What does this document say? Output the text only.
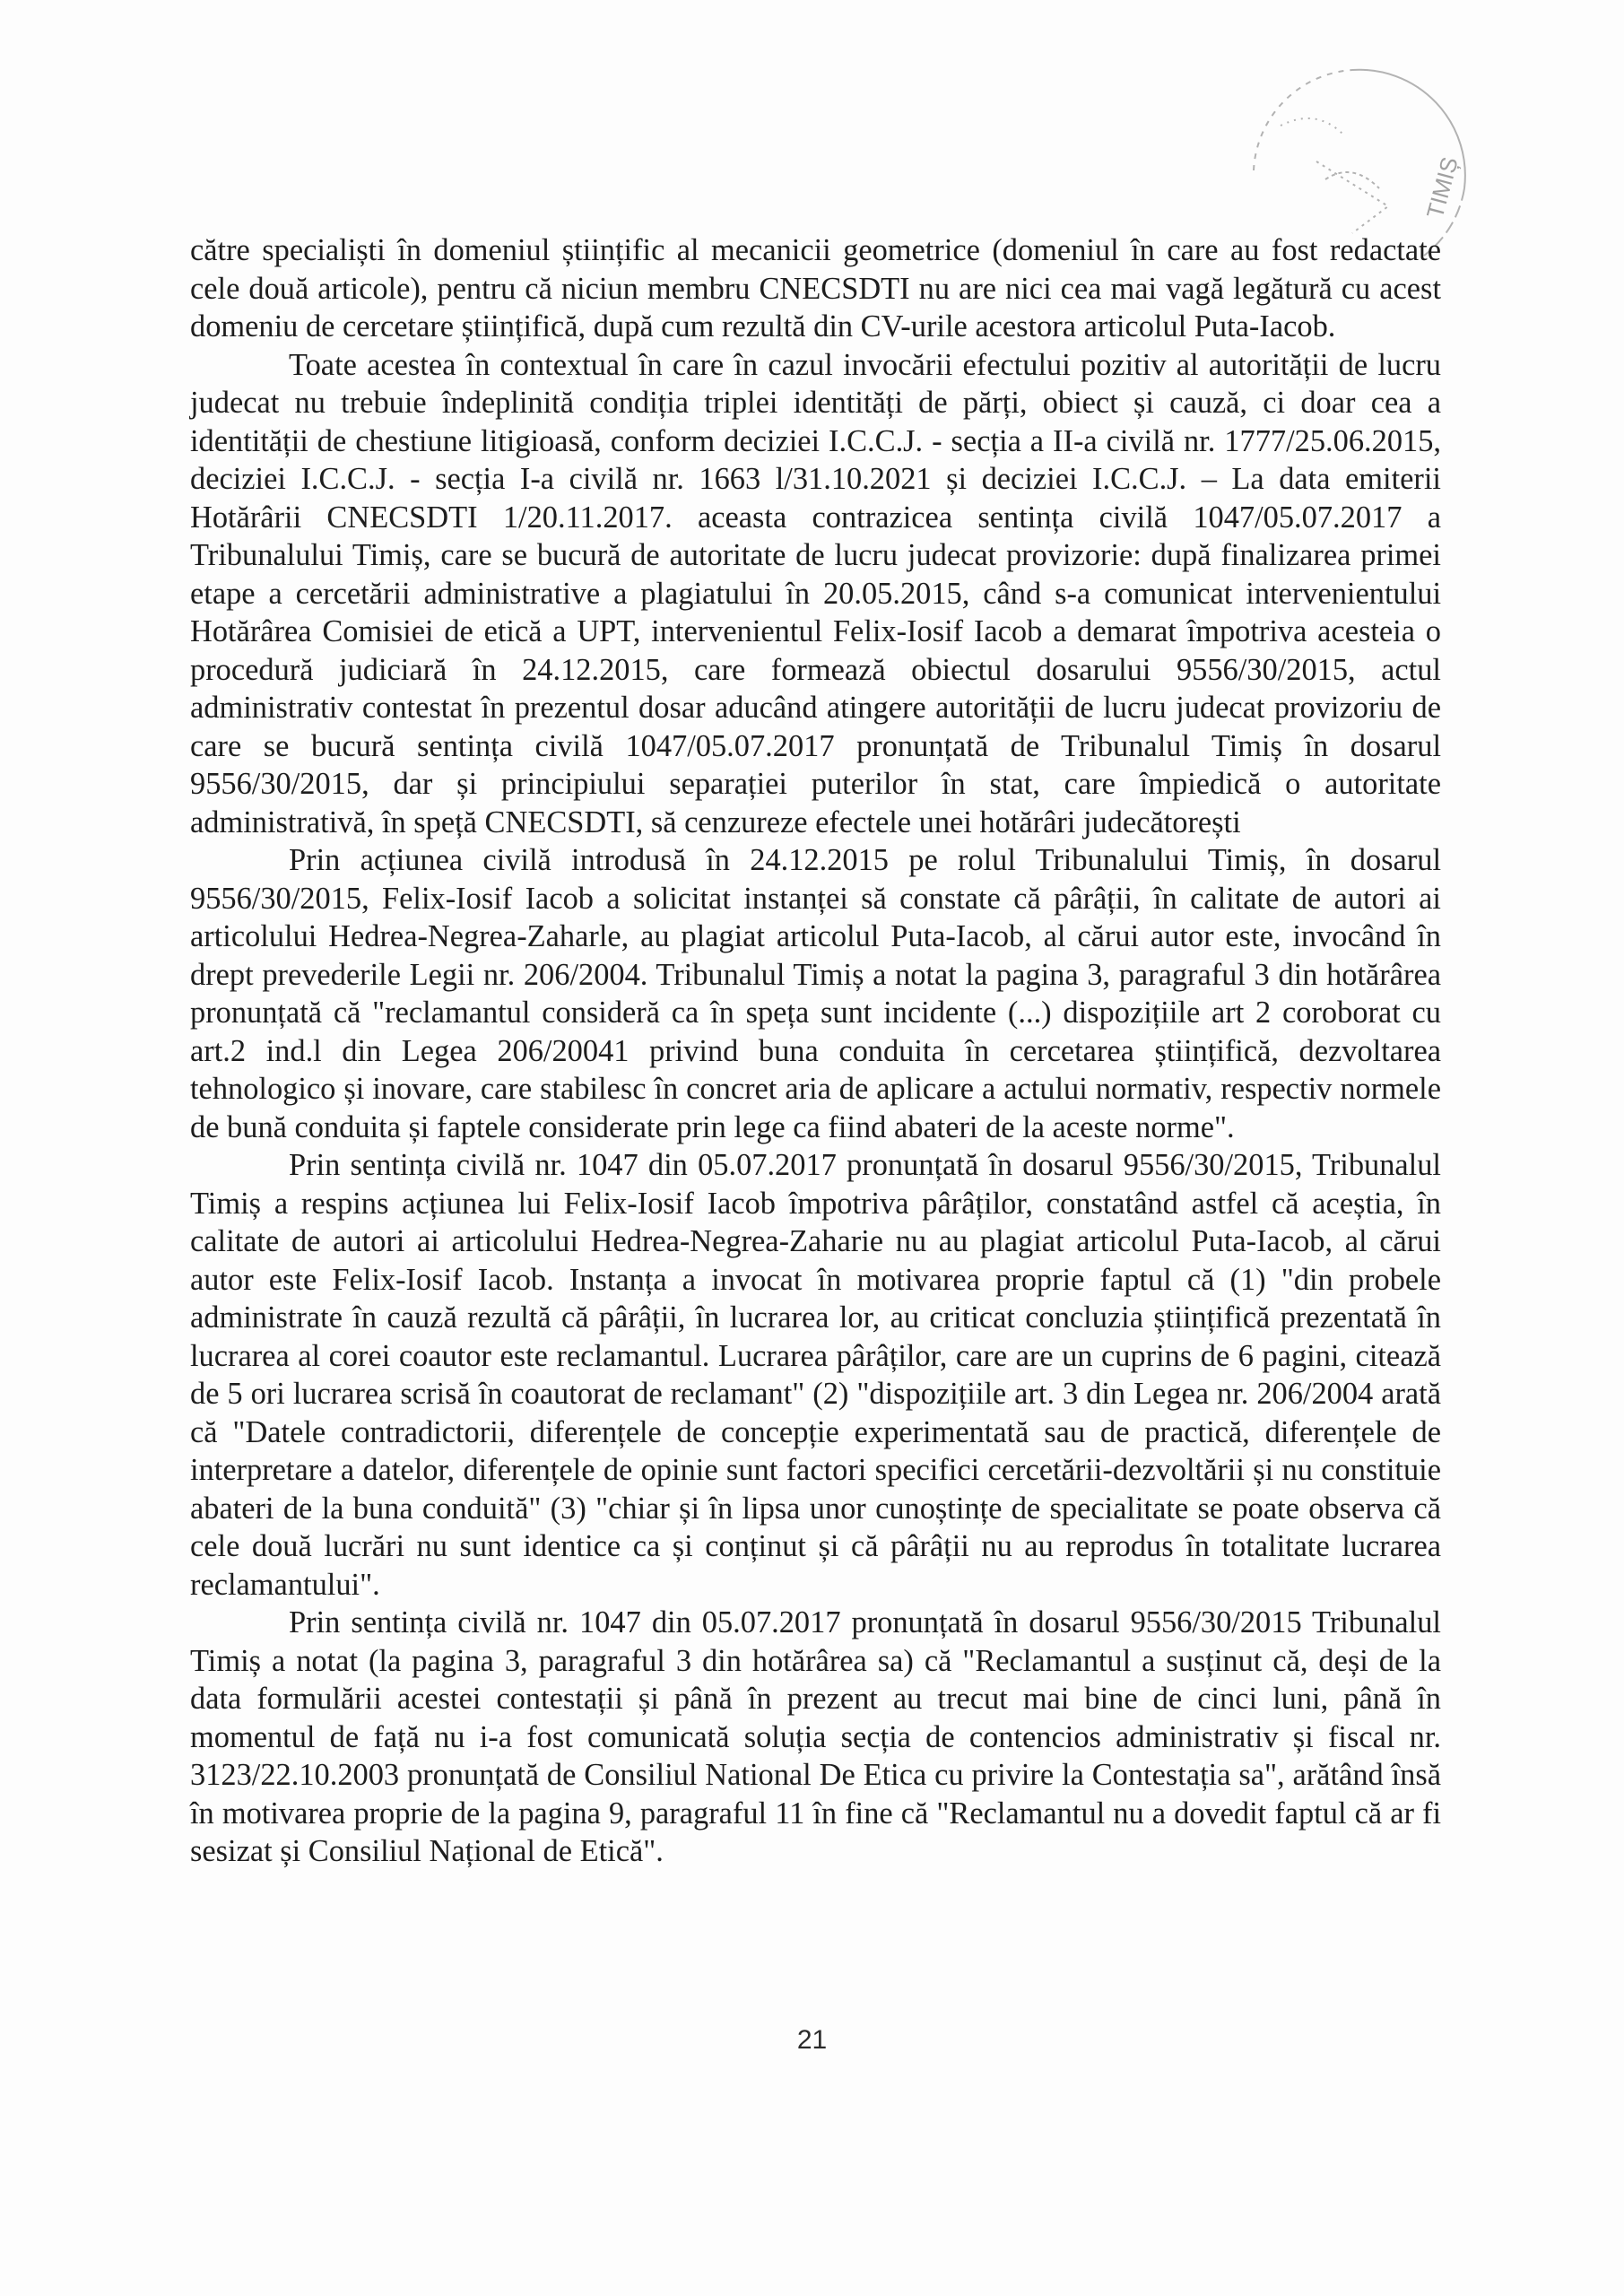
TIMIȘ

către specialiști în domeniul științific al mecanicii geometrice (domeniul în care au fost redactate cele două articole), pentru că niciun membru CNECSDTI nu are nici cea mai vagă legătură cu acest domeniu de cercetare științifică, după cum rezultă din CV-urile acestora articolul Puta-Iacob.

Toate acestea în contextual în care în cazul invocării efectului pozitiv al autorității de lucru judecat nu trebuie îndeplinită condiția triplei identități de părți, obiect și cauză, ci doar cea a identității de chestiune litigioasă, conform deciziei I.C.C.J. - secția a II-a civilă nr. 1777/25.06.2015, deciziei I.C.C.J. - secția I-a civilă nr. 1663 l/31.10.2021 și deciziei I.C.C.J. – La data emiterii Hotărârii CNECSDTI 1/20.11.2017. aceasta contrazicea sentința civilă 1047/05.07.2017 a Tribunalului Timiș, care se bucură de autoritate de lucru judecat provizorie: după finalizarea primei etape a cercetării administrative a plagiatului în 20.05.2015, când s-a comunicat intervenientului Hotărârea Comisiei de etică a UPT, intervenientul Felix-Iosif Iacob a demarat împotriva acesteia o procedură judiciară în 24.12.2015, care formează obiectul dosarului 9556/30/2015, actul administrativ contestat în prezentul dosar aducând atingere autorității de lucru judecat provizoriu de care se bucură sentința civilă 1047/05.07.2017 pronunțată de Tribunalul Timiș în dosarul 9556/30/2015, dar și principiului separației puterilor în stat, care împiedică o autoritate administrativă, în speță CNECSDTI, să cenzureze efectele unei hotărâri judecătorești

Prin acțiunea civilă introdusă în 24.12.2015 pe rolul Tribunalului Timiș, în dosarul 9556/30/2015, Felix-Iosif Iacob a solicitat instanței să constate că pârâții, în calitate de autori ai articolului Hedrea-Negrea-Zaharle, au plagiat articolul Puta-Iacob, al cărui autor este, invocând în drept prevederile Legii nr. 206/2004. Tribunalul Timiș a notat la pagina 3, paragraful 3 din hotărârea pronunțată că "reclamantul consideră ca în speța sunt incidente (...) dispozițiile art 2 coroborat cu art.2 ind.l din Legea 206/20041 privind buna conduita în cercetarea științifică, dezvoltarea tehnologico și inovare, care stabilesc în concret aria de aplicare a actului normativ, respectiv normele de bună conduita și faptele considerate prin lege ca fiind abateri de la aceste norme".

Prin sentința civilă nr. 1047 din 05.07.2017 pronunțată în dosarul 9556/30/2015, Tribunalul Timiș a respins acțiunea lui Felix-Iosif Iacob împotriva pârâților, constatând astfel că aceștia, în calitate de autori ai articolului Hedrea-Negrea-Zaharie nu au plagiat articolul Puta-Iacob, al cărui autor este Felix-Iosif Iacob. Instanța a invocat în motivarea proprie faptul că (1) "din probele administrate în cauză rezultă că pârâții, în lucrarea lor, au criticat concluzia științifică prezentată în lucrarea al corei coautor este reclamantul. Lucrarea pârâților, care are un cuprins de 6 pagini, citează de 5 ori lucrarea scrisă în coautorat de reclamant" (2) "dispozițiile art. 3 din Legea nr. 206/2004 arată că "Datele contradictorii, diferențele de concepție experimentată sau de practică, diferențele de interpretare a datelor, diferențele de opinie sunt factori specifici cercetării-dezvoltării și nu constituie abateri de la buna conduită" (3) "chiar și în lipsa unor cunoștințe de specialitate se poate observa că cele două lucrări nu sunt identice ca și conținut și că pârâții nu au reprodus în totalitate lucrarea reclamantului".

Prin sentința civilă nr. 1047 din 05.07.2017 pronunțată în dosarul 9556/30/2015 Tribunalul Timiș a notat (la pagina 3, paragraful 3 din hotărârea sa) că "Reclamantul a susținut că, deși de la data formulării acestei contestații și până în prezent au trecut mai bine de cinci luni, până în momentul de față nu i-a fost comunicată soluția secția de contencios administrativ și fiscal nr. 3123/22.10.2003 pronunțată de Consiliul National De Etica cu privire la Contestația sa", arătând însă în motivarea proprie de la pagina 9, paragraful 11 în fine că "Reclamantul nu a dovedit faptul că ar fi sesizat și Consiliul Național de Etică".

21
